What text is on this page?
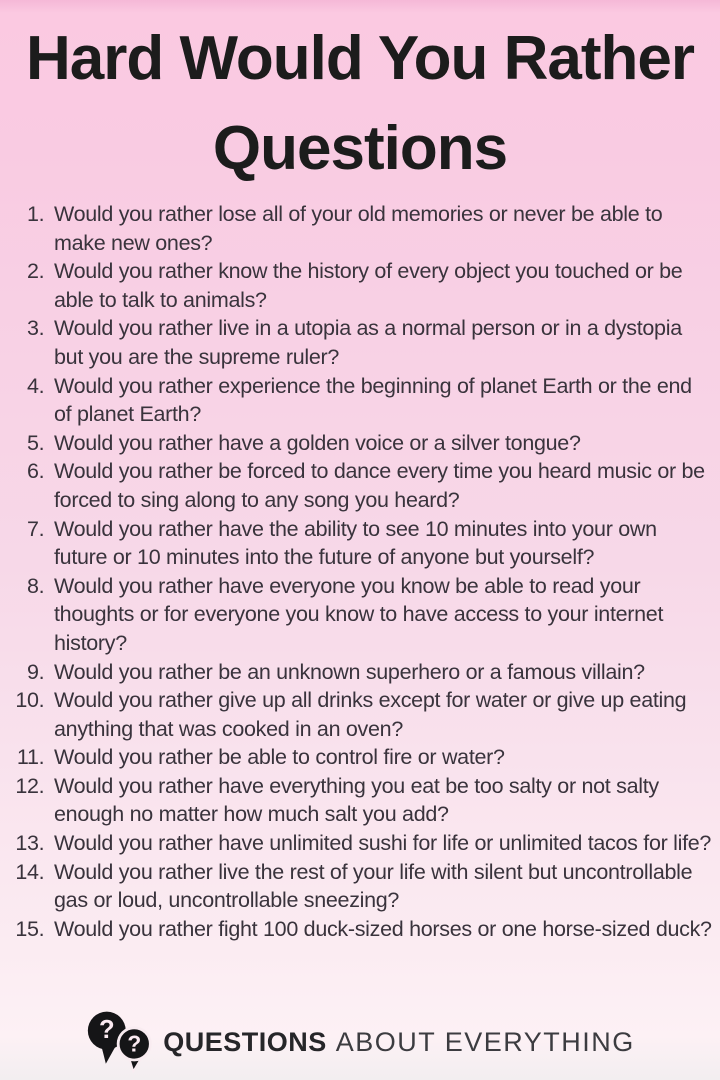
Hard Would You Rather Questions
1. Would you rather lose all of your old memories or never be able to make new ones?
2. Would you rather know the history of every object you touched or be able to talk to animals?
3. Would you rather live in a utopia as a normal person or in a dystopia but you are the supreme ruler?
4. Would you rather experience the beginning of planet Earth or the end of planet Earth?
5. Would you rather have a golden voice or a silver tongue?
6. Would you rather be forced to dance every time you heard music or be forced to sing along to any song you heard?
7. Would you rather have the ability to see 10 minutes into your own future or 10 minutes into the future of anyone but yourself?
8. Would you rather have everyone you know be able to read your thoughts or for everyone you know to have access to your internet history?
9. Would you rather be an unknown superhero or a famous villain?
10. Would you rather give up all drinks except for water or give up eating anything that was cooked in an oven?
11. Would you rather be able to control fire or water?
12. Would you rather have everything you eat be too salty or not salty enough no matter how much salt you add?
13. Would you rather have unlimited sushi for life or unlimited tacos for life?
14. Would you rather live the rest of your life with silent but uncontrollable gas or loud, uncontrollable sneezing?
15. Would you rather fight 100 duck-sized horses or one horse-sized duck?
? ? QUESTIONS ABOUT EVERYTHING
